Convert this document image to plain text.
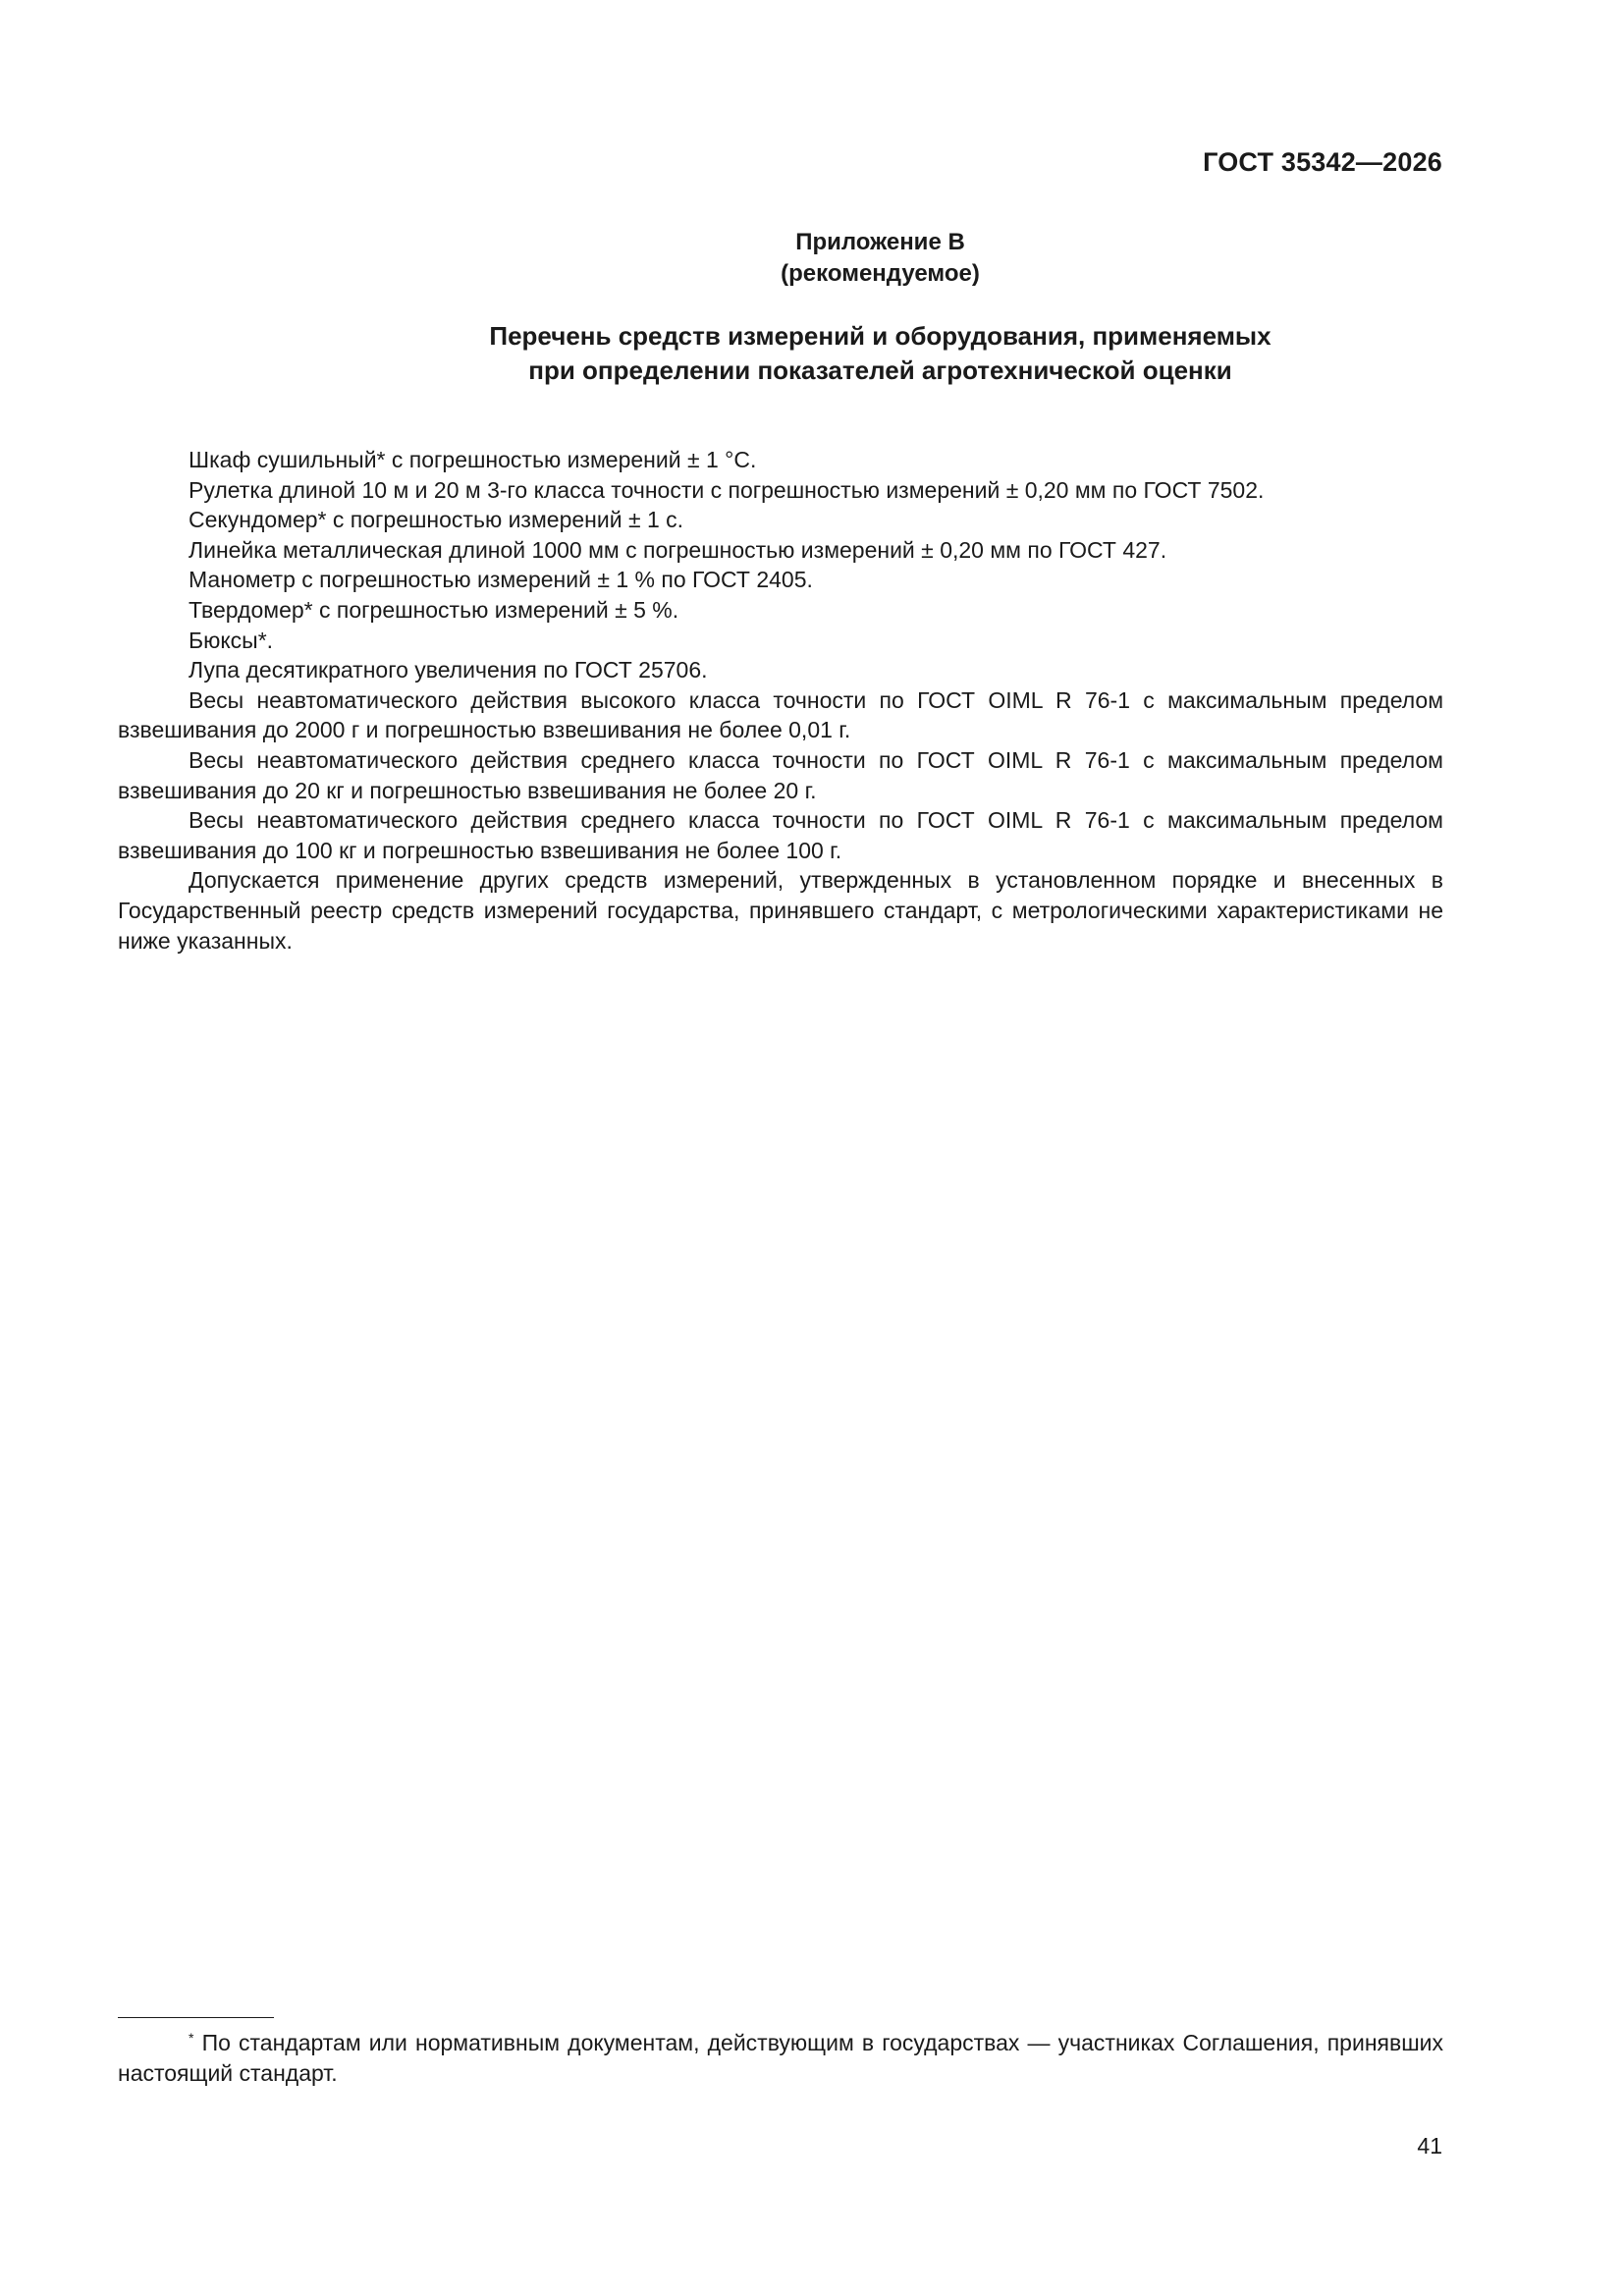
ГОСТ 35342—2026
Приложение В
(рекомендуемое)
Перечень средств измерений и оборудования, применяемых
при определении показателей агротехнической оценки

Шкаф сушильный* с погрешностью измерений ± 1 °С.

Рулетка длиной 10 м и 20 м 3-го класса точности с погрешностью измерений ± 0,20 мм по ГОСТ 7502.

Секундомер* с погрешностью измерений ± 1 с.

Линейка металлическая длиной 1000 мм с погрешностью измерений ± 0,20 мм по ГОСТ 427.

Манометр с погрешностью измерений ± 1 % по ГОСТ 2405.

Твердомер* с погрешностью измерений ± 5 %.

Бюксы*.

Лупа десятикратного увеличения по ГОСТ 25706.

Весы неавтоматического действия высокого класса точности по ГОСТ OIML R 76-1 с максимальным пределом взвешивания до 2000 г и погрешностью взвешивания не более 0,01 г.

Весы неавтоматического действия среднего класса точности по ГОСТ OIML R 76-1 с максимальным пределом взвешивания до 20 кг и погрешностью взвешивания не более 20 г.

Весы неавтоматического действия среднего класса точности по ГОСТ OIML R 76-1 с максимальным пределом взвешивания до 100 кг и погрешностью взвешивания не более 100 г.

Допускается применение других средств измерений, утвержденных в установленном порядке и внесенных в Государственный реестр средств измерений государства, принявшего стандарт, с метрологическими характеристиками не ниже указанных.

* По стандартам или нормативным документам, действующим в государствах — участниках Соглашения, принявших настоящий стандарт.
41
